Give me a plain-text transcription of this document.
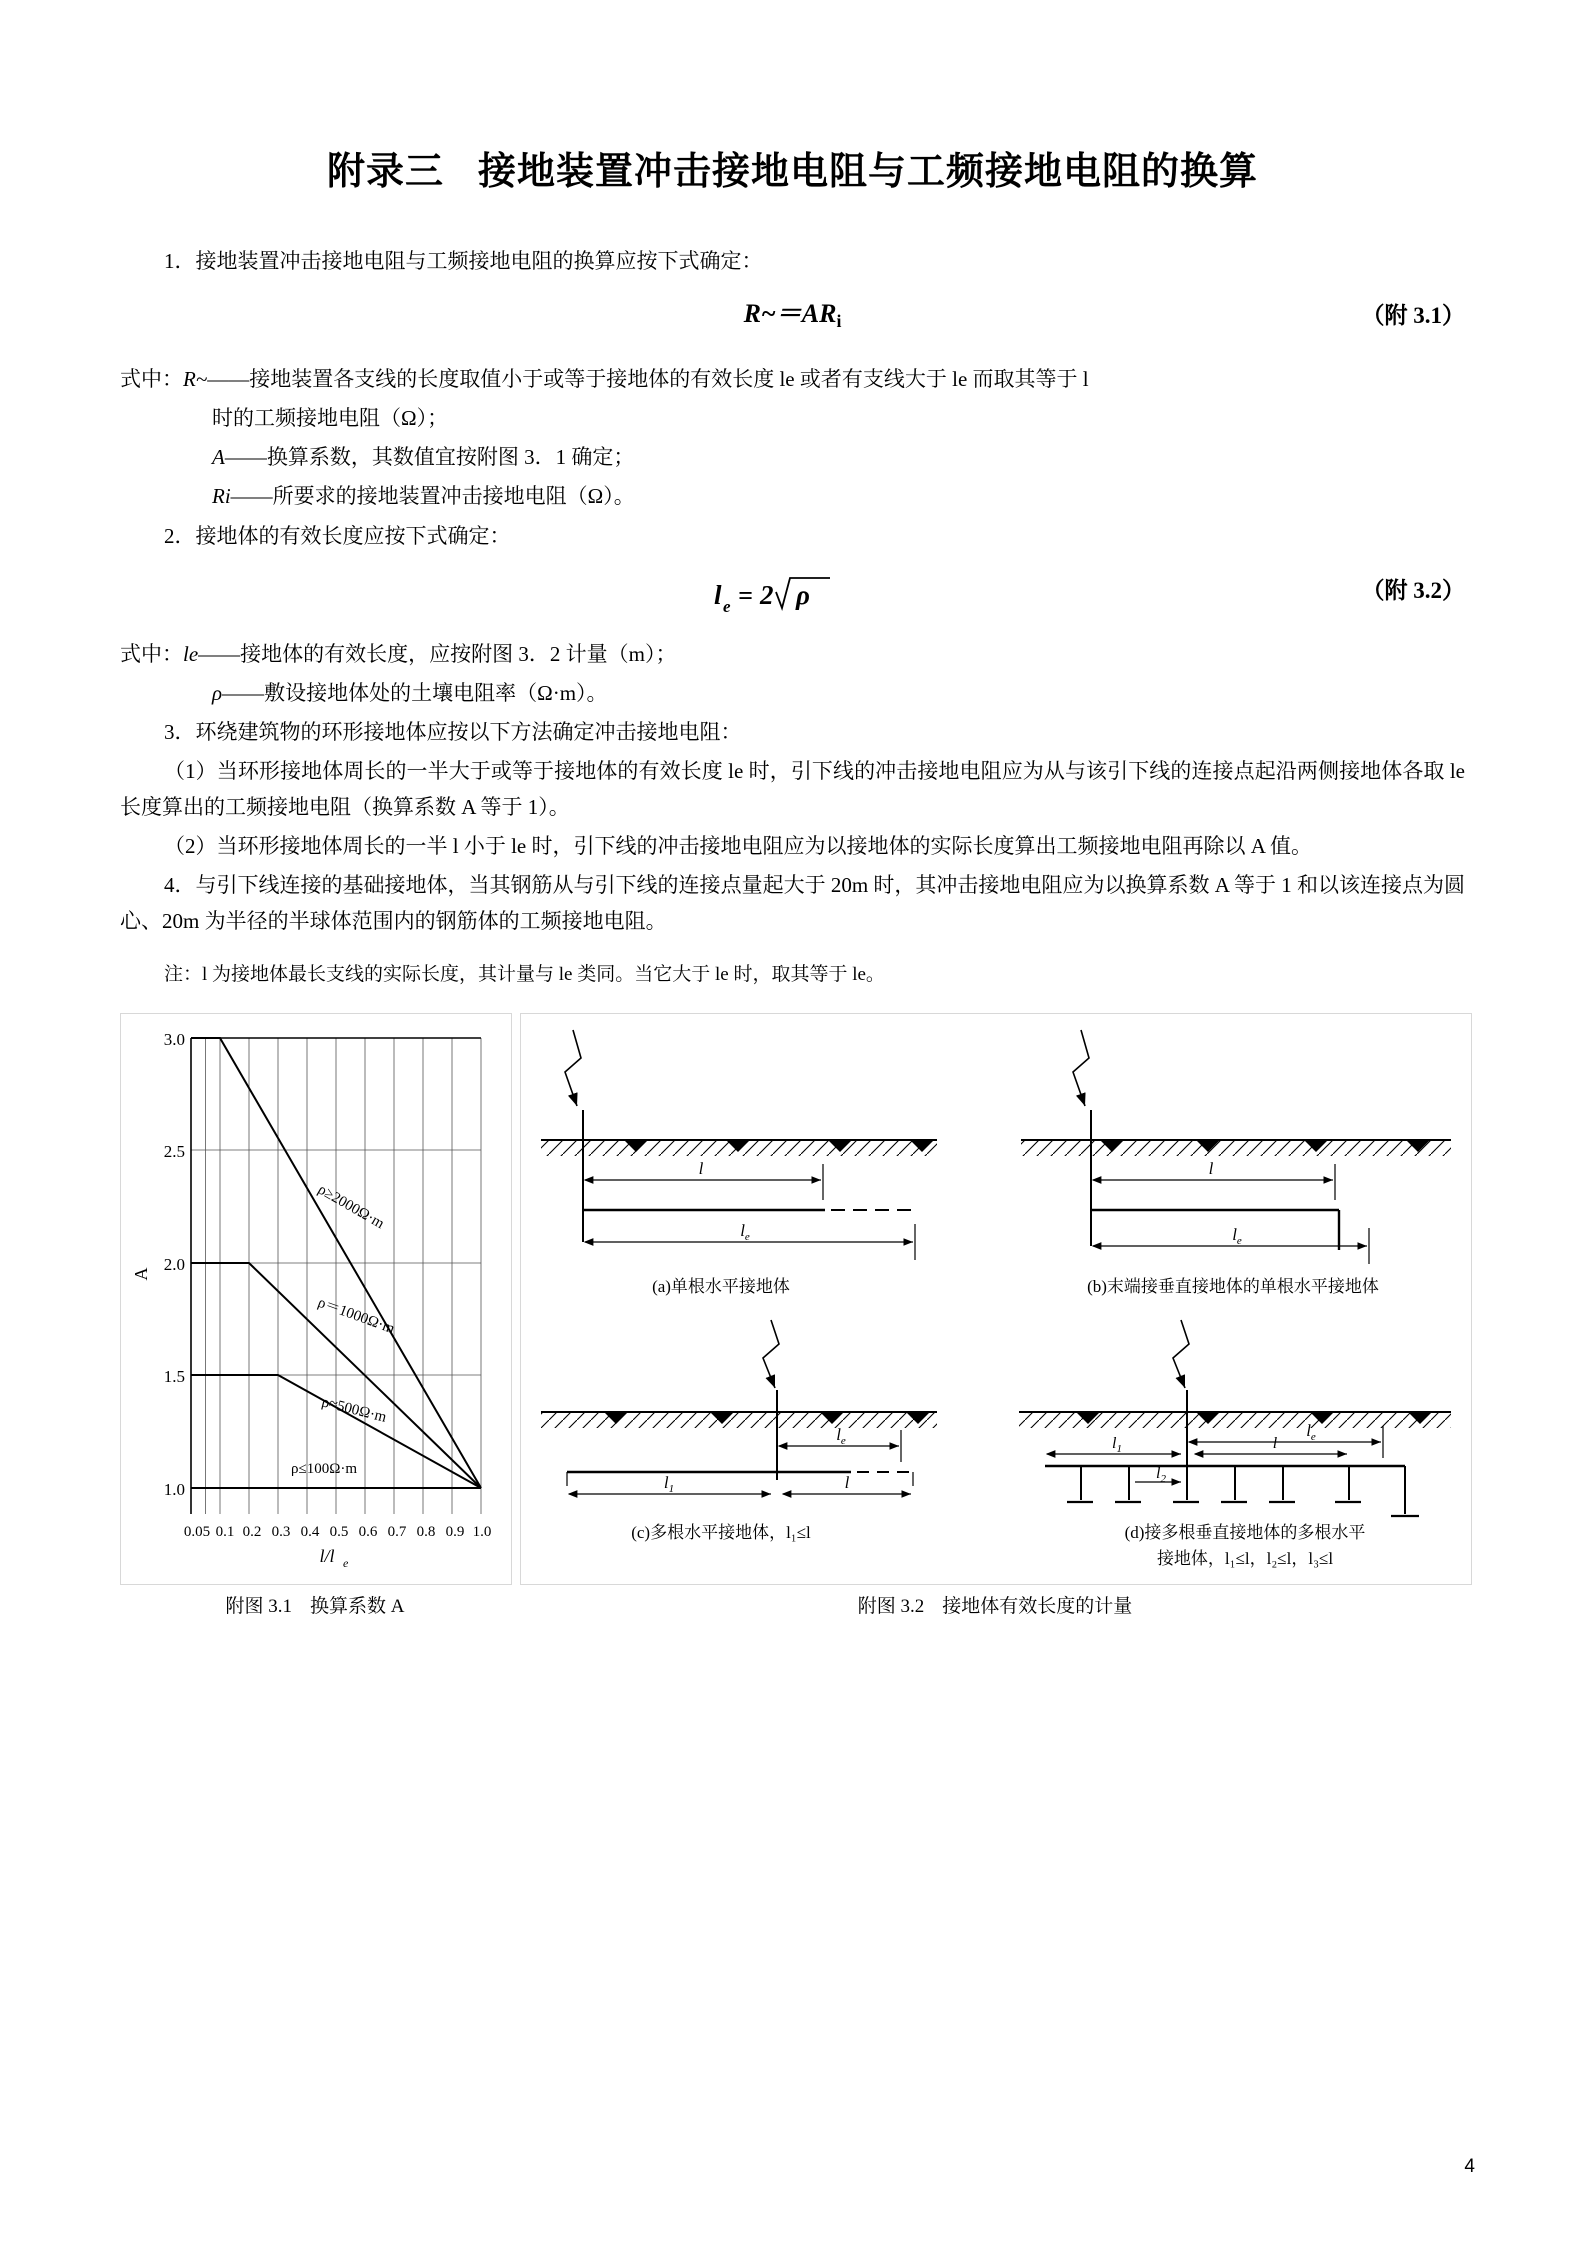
附录三 接地装置冲击接地电阻与工频接地电阻的换算

1．接地装置冲击接地电阻与工频接地电阻的换算应按下式确定：

$R\sim=AR_i$	（附 3.1）

式中：R~——接地装置各支线的长度取值小于或等于接地体的有效长度 le 或者有支线大于 le 而取其等于 l

时的工频接地电阻（Ω）；

A——换算系数，其数值宜按附图 3．1 确定；

Ri——所要求的接地装置冲击接地电阻（Ω）。

2．接地体的有效长度应按下式确定：

l e = 2 ρ	（附 3.2）

式中：le——接地体的有效长度，应按附图 3．2 计量（m）；

ρ——敷设接地体处的土壤电阻率（Ω·m）。

3．环绕建筑物的环形接地体应按以下方法确定冲击接地电阻：

（1）当环形接地体周长的一半大于或等于接地体的有效长度 le 时，引下线的冲击接地电阻应为从与该引下线的连接点起沿两侧接地体各取 le 长度算出的工频接地电阻（换算系数 A 等于 1）。

（2）当环形接地体周长的一半 l 小于 le 时，引下线的冲击接地电阻应为以接地体的实际长度算出工频接地电阻再除以 A 值。

4．与引下线连接的基础接地体，当其钢筋从与引下线的连接点量起大于 20m 时，其冲击接地电阻应为以换算系数 A 等于 1 和以该连接点为圆心、20m 为半径的半球体范围内的钢筋体的工频接地电阻。

注：l 为接地体最长支线的实际长度，其计量与 le 类同。当它大于 le 时，取其等于 le。

3.0
2.5
2.0
1.5
1.0
A
0.05 0.1 0.2 0.3 0.4 0.5 0.6 0.7 0.8 0.9 1.0
l/l e
ρ≥2000Ω·m
ρ＝1000Ω·m
ρ≈500Ω·m
ρ≤100Ω·m
附图 3.1 换算系数 A
l
$l_e$
(a)单根水平接地体
l
$l_e$
(b)末端接垂直接地体的单根水平接地体
$l_e$
$l_1$	l
(c)多根水平接地体，l₁≤l
$l_e$
$l_1$
$l_2$
l
(d)接多根垂直接地体的多根水平
接地体，l₁≤l，l₂≤l，l₃≤l
附图 3.2 接地体有效长度的计量
4
